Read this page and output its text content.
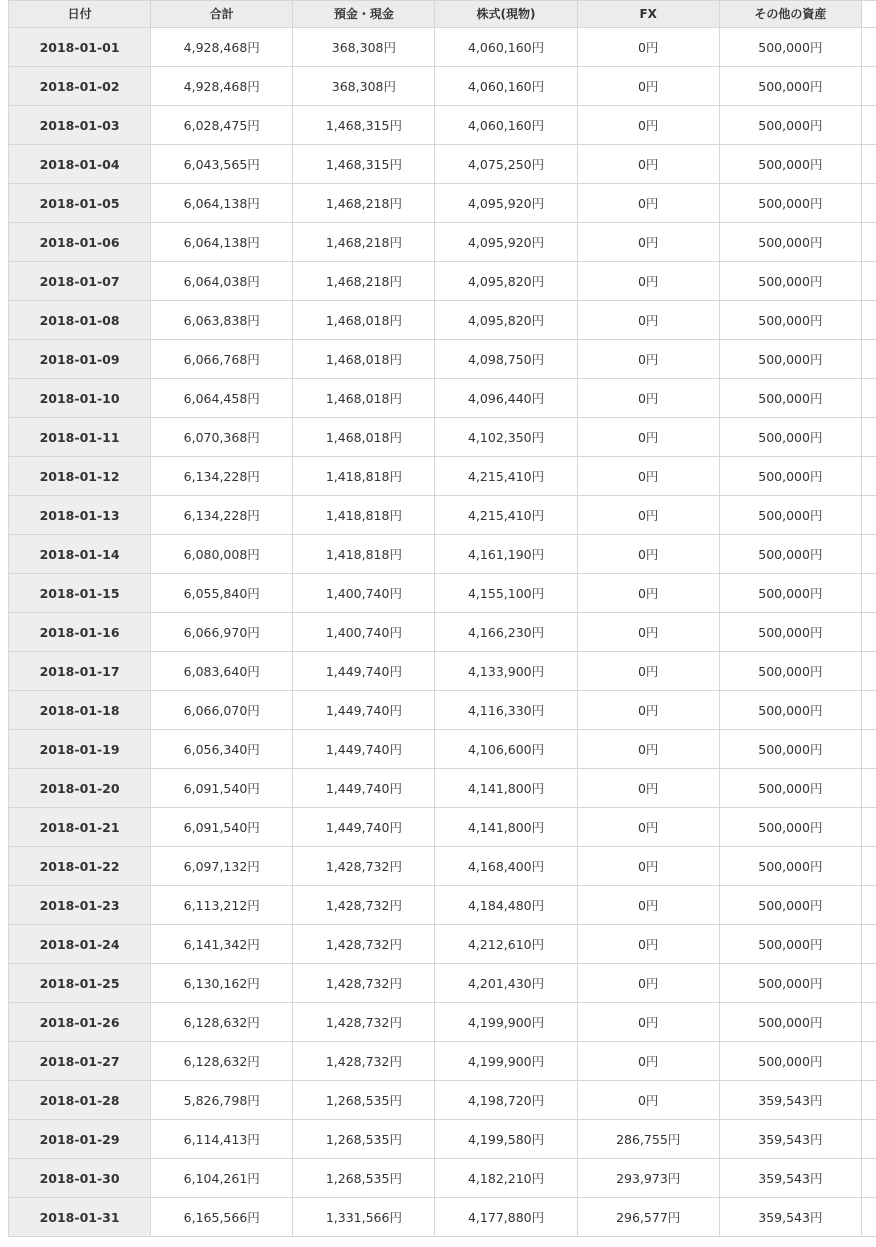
日付	合計	預金・現金	株式(現物)	FX	その他の資産	
2018-01-01	4,928,468円	368,308円	4,060,160円	0円	500,000円	
2018-01-02	4,928,468円	368,308円	4,060,160円	0円	500,000円	
2018-01-03	6,028,475円	1,468,315円	4,060,160円	0円	500,000円	
2018-01-04	6,043,565円	1,468,315円	4,075,250円	0円	500,000円	
2018-01-05	6,064,138円	1,468,218円	4,095,920円	0円	500,000円	
2018-01-06	6,064,138円	1,468,218円	4,095,920円	0円	500,000円	
2018-01-07	6,064,038円	1,468,218円	4,095,820円	0円	500,000円	
2018-01-08	6,063,838円	1,468,018円	4,095,820円	0円	500,000円	
2018-01-09	6,066,768円	1,468,018円	4,098,750円	0円	500,000円	
2018-01-10	6,064,458円	1,468,018円	4,096,440円	0円	500,000円	
2018-01-11	6,070,368円	1,468,018円	4,102,350円	0円	500,000円	
2018-01-12	6,134,228円	1,418,818円	4,215,410円	0円	500,000円	
2018-01-13	6,134,228円	1,418,818円	4,215,410円	0円	500,000円	
2018-01-14	6,080,008円	1,418,818円	4,161,190円	0円	500,000円	
2018-01-15	6,055,840円	1,400,740円	4,155,100円	0円	500,000円	
2018-01-16	6,066,970円	1,400,740円	4,166,230円	0円	500,000円	
2018-01-17	6,083,640円	1,449,740円	4,133,900円	0円	500,000円	
2018-01-18	6,066,070円	1,449,740円	4,116,330円	0円	500,000円	
2018-01-19	6,056,340円	1,449,740円	4,106,600円	0円	500,000円	
2018-01-20	6,091,540円	1,449,740円	4,141,800円	0円	500,000円	
2018-01-21	6,091,540円	1,449,740円	4,141,800円	0円	500,000円	
2018-01-22	6,097,132円	1,428,732円	4,168,400円	0円	500,000円	
2018-01-23	6,113,212円	1,428,732円	4,184,480円	0円	500,000円	
2018-01-24	6,141,342円	1,428,732円	4,212,610円	0円	500,000円	
2018-01-25	6,130,162円	1,428,732円	4,201,430円	0円	500,000円	
2018-01-26	6,128,632円	1,428,732円	4,199,900円	0円	500,000円	
2018-01-27	6,128,632円	1,428,732円	4,199,900円	0円	500,000円	
2018-01-28	5,826,798円	1,268,535円	4,198,720円	0円	359,543円	
2018-01-29	6,114,413円	1,268,535円	4,199,580円	286,755円	359,543円	
2018-01-30	6,104,261円	1,268,535円	4,182,210円	293,973円	359,543円	
2018-01-31	6,165,566円	1,331,566円	4,177,880円	296,577円	359,543円	
